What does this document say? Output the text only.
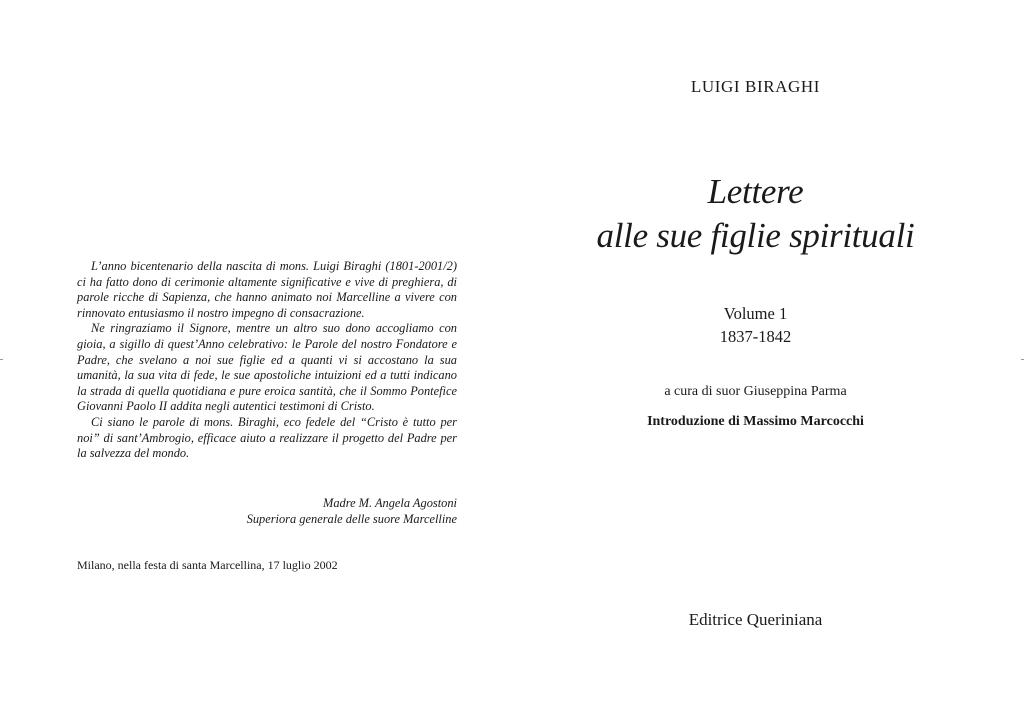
L’anno bicentenario della nascita di mons. Luigi Biraghi (1801-2001/2) ci ha fatto dono di cerimonie altamente significative e vive di preghiera, di parole ricche di Sapienza, che hanno animato noi Marcelline a vivere con rinnovato entusiasmo il nostro impegno di consacrazione.

Ne ringraziamo il Signore, mentre un altro suo dono accogliamo con gioia, a sigillo di quest’Anno celebrativo: le Parole del nostro Fondatore e Padre, che svelano a noi sue figlie ed a quanti vi si accostano la sua umanità, la sua vita di fede, le sue apostoliche intuizioni ed a tutti indicano la strada di quella quotidiana e pure eroica santità, che il Sommo Pontefice Giovanni Paolo II addita negli autentici testimoni di Cristo.

Ci siano le parole di mons. Biraghi, eco fedele del “Cristo è tutto per noi” di sant’Ambrogio, efficace aiuto a realizzare il progetto del Padre per la salvezza del mondo.

Madre M. Angela Agostoni
Superiora generale delle suore Marcelline
Milano, nella festa di santa Marcellina, 17 luglio 2002
LUIGI BIRAGHI
Lettere
alle sue figlie spirituali
Volume 1
1837-1842
a cura di suor Giuseppina Parma
Introduzione di Massimo Marcocchi
Editrice Queriniana
